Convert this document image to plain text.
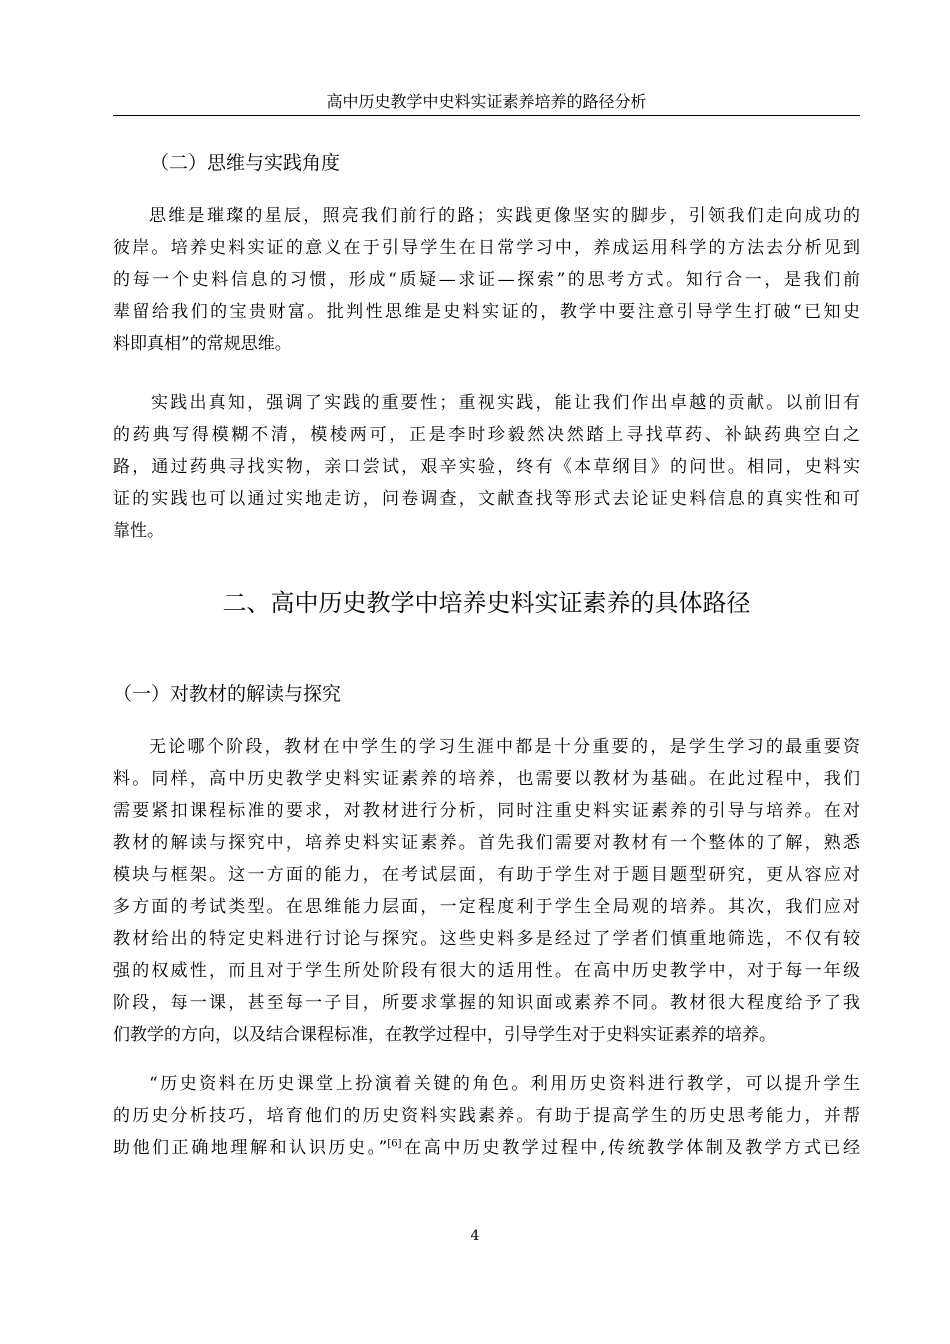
高中历史教学中史料实证素养培养的路径分析
（二）思维与实践角度
思维是璀璨的星辰，照亮我们前行的路；实践更像坚实的脚步，引领我们走向成功的
彼岸。培养史料实证的意义在于引导学生在日常学习中，养成运用科学的方法去分析见到
的每一个史料信息的习惯，形成“质疑—求证—探索”的思考方式。知行合一，是我们前
辈留给我们的宝贵财富。批判性思维是史料实证的，教学中要注意引导学生打破“已知史
料即真相”的常规思维。
实践出真知，强调了实践的重要性；重视实践，能让我们作出卓越的贡献。以前旧有
的药典写得模糊不清，模棱两可，正是李时珍毅然决然踏上寻找草药、补缺药典空白之
路，通过药典寻找实物，亲口尝试，艰辛实验，终有《本草纲目》的问世。相同，史料实
证的实践也可以通过实地走访，问卷调查，文献查找等形式去论证史料信息的真实性和可
靠性。
二、高中历史教学中培养史料实证素养的具体路径
（一）对教材的解读与探究
无论哪个阶段，教材在中学生的学习生涯中都是十分重要的，是学生学习的最重要资
料。同样，高中历史教学史料实证素养的培养，也需要以教材为基础。在此过程中，我们
需要紧扣课程标准的要求，对教材进行分析，同时注重史料实证素养的引导与培养。在对
教材的解读与探究中，培养史料实证素养。首先我们需要对教材有一个整体的了解，熟悉
模块与框架。这一方面的能力，在考试层面，有助于学生对于题目题型研究，更从容应对
多方面的考试类型。在思维能力层面，一定程度利于学生全局观的培养。其次，我们应对
教材给出的特定史料进行讨论与探究。这些史料多是经过了学者们慎重地筛选，不仅有较
强的权威性，而且对于学生所处阶段有很大的适用性。在高中历史教学中，对于每一年级
阶段，每一课，甚至每一子目，所要求掌握的知识面或素养不同。教材很大程度给予了我
们教学的方向，以及结合课程标准，在教学过程中，引导学生对于史料实证素养的培养。
“历史资料在历史课堂上扮演着关键的角色。利用历史资料进行教学，可以提升学生
的历史分析技巧，培育他们的历史资料实践素养。有助于提高学生的历史思考能力，并帮
助他们正确地理解和认识历史。”[6]在高中历史教学过程中,传统教学体制及教学方式已经
4
